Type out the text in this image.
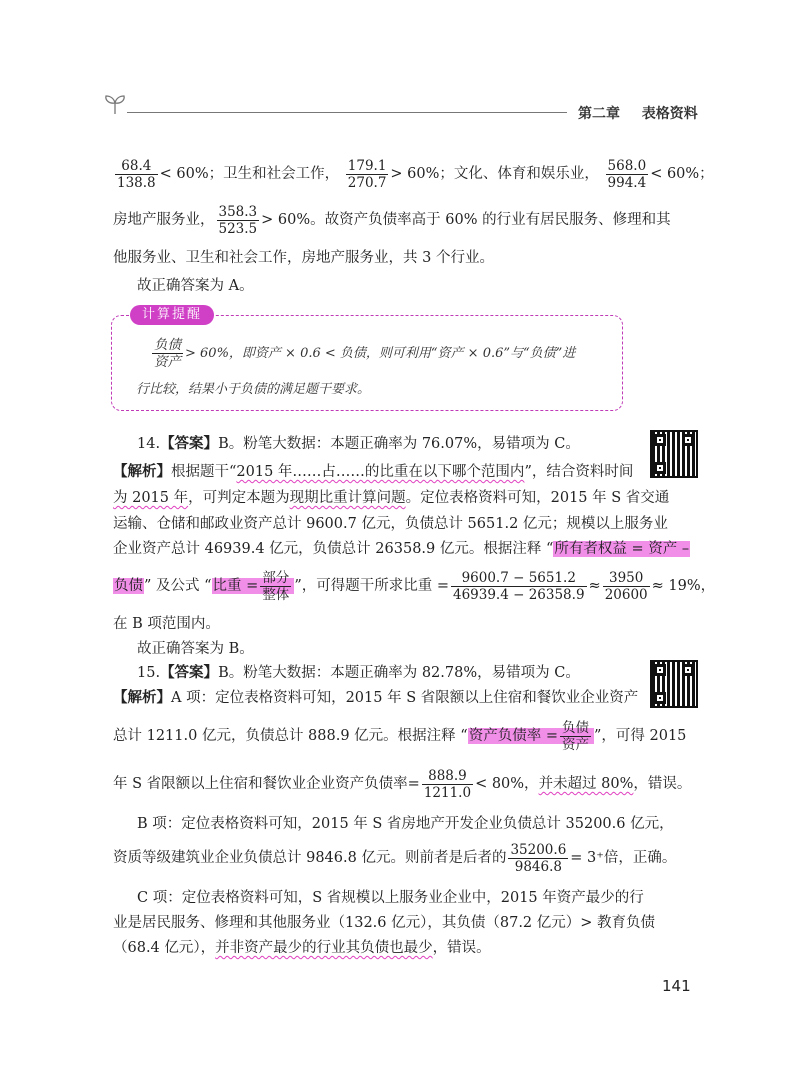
第二章 表格资料
$\frac{68.4}{138.8} < 60\%$；卫生和社会工作， $\frac{179.1}{270.7} > 60\%$；文化、体育和娱乐业， $\frac{568.0}{994.4} < 60\%$；
房地产服务业， $\frac{358.3}{523.5} > 60\%$。故资产负债率高于 60% 的行业有居民服务、修理和其
他服务业、卫生和社会工作，房地产服务业，共 3 个行业。
故正确答案为 A。
计算提醒
$\frac{\text{负债}}{\text{资产}} > 60\%$，即资产 × 0.6 < 负债，则可利用“资产 × 0.6”与“负债”进
行比较，结果小于负债的满足题干要求。
14.【答案】B。粉笔大数据：本题正确率为 76.07%，易错项为 C。
【解析】根据题干“2015 年……占……的比重在以下哪个范围内”，结合资料时间
为 2015 年，可判定本题为现期比重计算问题。定位表格资料可知，2015 年 S 省交通
运输、仓储和邮政业资产总计 9600.7 亿元，负债总计 5651.2 亿元；规模以上服务业
企业资产总计 46939.4 亿元，负债总计 26358.9 亿元。根据注释 “所有者权益 = 资产 –
负债” 及公式 “比重 = $\frac{\text{部分}}{\text{整体}}$ ”，可得题干所求比重 = $\frac{9600.7 - 5651.2}{46939.4 - 26358.9} \approx \frac{3950}{20600} \approx 19\%$，
在 B 项范围内。
故正确答案为 B。
15.【答案】B。粉笔大数据：本题正确率为 82.78%，易错项为 C。
【解析】A 项：定位表格资料可知，2015 年 S 省限额以上住宿和餐饮业企业资产
总计 1211.0 亿元，负债总计 888.9 亿元。根据注释 “资产负债率 = $\frac{\text{负债}}{\text{资产}}$ ”，可得 2015
年 S 省限额以上住宿和餐饮业企业资产负债率= $\frac{888.9}{1211.0} < 80\%$，并未超过 80%，错误。
B 项：定位表格资料可知，2015 年 S 省房地产开发企业负债总计 35200.6 亿元，
资质等级建筑业企业负债总计 9846.8 亿元。则前者是后者的 $\frac{35200.6}{9846.8} = 3^+$倍，正确。
C 项：定位表格资料可知，S 省规模以上服务业企业中，2015 年资产最少的行
业是居民服务、修理和其他服务业（132.6 亿元），其负债（87.2 亿元）> 教育负债
（68.4 亿元），并非资产最少的行业其负债也最少，错误。
141
